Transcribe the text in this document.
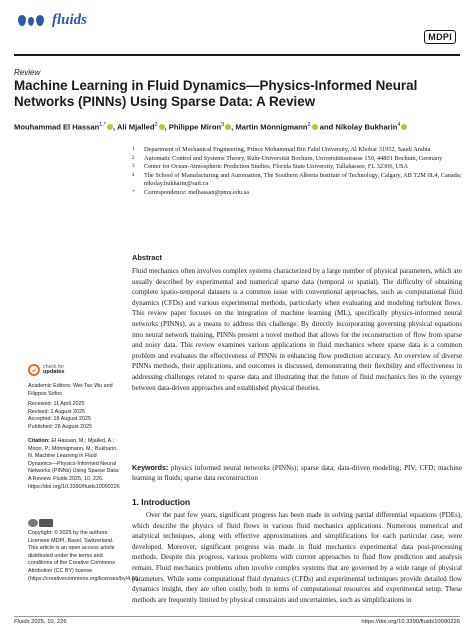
fluids
MDPI
Review
Machine Learning in Fluid Dynamics—Physics-Informed Neural Networks (PINNs) Using Sparse Data: A Review
Mouhammad El Hassan$^{1,*}$ , Ali Mjalled$^2$ , Philippe Miron$^3$ , Martin Mönnigmann$^2$ and Nikolay Bukharin$^4$
1	Department of Mechanical Engineering, Prince Mohammad Bin Fahd University, Al Khobar 31952, Saudi Arabia
2	Automatic Control and Systems Theory, Ruhr-Universität Bochum, Universitätsstrasse 150, 44801 Bochum, Germany
3	Center for Ocean-Atmospheric Prediction Studies, Florida State University, Tallahassee, FL 32306, USA
4	The School of Manufacturing and Automation, The Southern Alberta Institute of Technology, Calgary, AB T2M 0L4, Canada; nikolay.bukharin@sait.ca
*	Correspondence: melhassan@pmu.edu.sa
Abstract
Fluid mechanics often involves complex systems characterized by a large number of physical parameters, which are usually described by experimental and numerical sparse data (temporal or spatial). The difficulty of obtaining complete spatio-temporal datasets is a common issue with conventional approaches, such as computational fluid dynamics (CFDs) and various experimental methods, particularly when evaluating and modeling turbulent flows. This review paper focuses on the integration of machine learning (ML), specifically physics-informed neural networks (PINNs), as a means to address this challenge. By directly incorporating governing physical equations into neural network training, PINNs present a novel method that allows for the reconstruction of flow from sparse and noisy data. This review examines various applications in fluid mechanics where sparse data is a common problem and evaluates the effectiveness of PINNs in enhancing flow prediction accuracy. An overview of diverse PINNs methods, their applications, and outcomes is discussed, demonstrating their flexibility and effectiveness in addressing challenges related to sparse data and illustrating that the future of fluid mechanics lies in the synergy between data-driven approaches and established physical theories.
Keywords: physics informed neural networks (PINNs); sparse data; data-driven modeling; PIV; CFD; machine learning in fluids; sparse data reconstruction
1. Introduction
Over the past few years, significant progress has been made in solving partial differential equations (PDEs), which describe the physics of fluid flows in various fluid mechanics applications. Numerous numerical and analytical techniques, along with effective approximations and simplifications for each particular case, were developed. Moreover, significant progress was made in fluid mechanics experimental data post-processing methods. Despite this progress, various problems with current approaches to fluid flow prediction and analysis remain. Fluid mechanics problems often involve complex systems that are governed by a wide range of physical parameters. While some computational fluid dynamics (CFDs) and experimental techniques provide detailed flow dynamics insight, they are often costly, both in terms of computational resources and experimental setup. These methods are frequently limited by physical constraints and uncertainties, such as simplifications in
check for
updates
Academic Editors: Wei-Tao Wu and Filippos Sofos
Received: 11 April 2025
Revised: 1 August 2025
Accepted: 18 August 2025
Published: 28 August 2025
Citation: El Hassan, M.; Mjalled, A.; Miron, P.; Mönnigmann, M.; Bukharin, N. Machine Learning in Fluid Dynamics—Physics-Informed Neural Networks (PINNs) Using Sparse Data: A Review. Fluids 2025, 10, 226. https://doi.org/10.3390/fluids10090226
Copyright: © 2025 by the authors. Licensee MDPI, Basel, Switzerland. This article is an open access article distributed under the terms and conditions of the Creative Commons Attribution (CC BY) license (https://creativecommons.org/licenses/by/4.0/).
Fluids 2025, 10, 226	https://doi.org/10.3390/fluids10090226
